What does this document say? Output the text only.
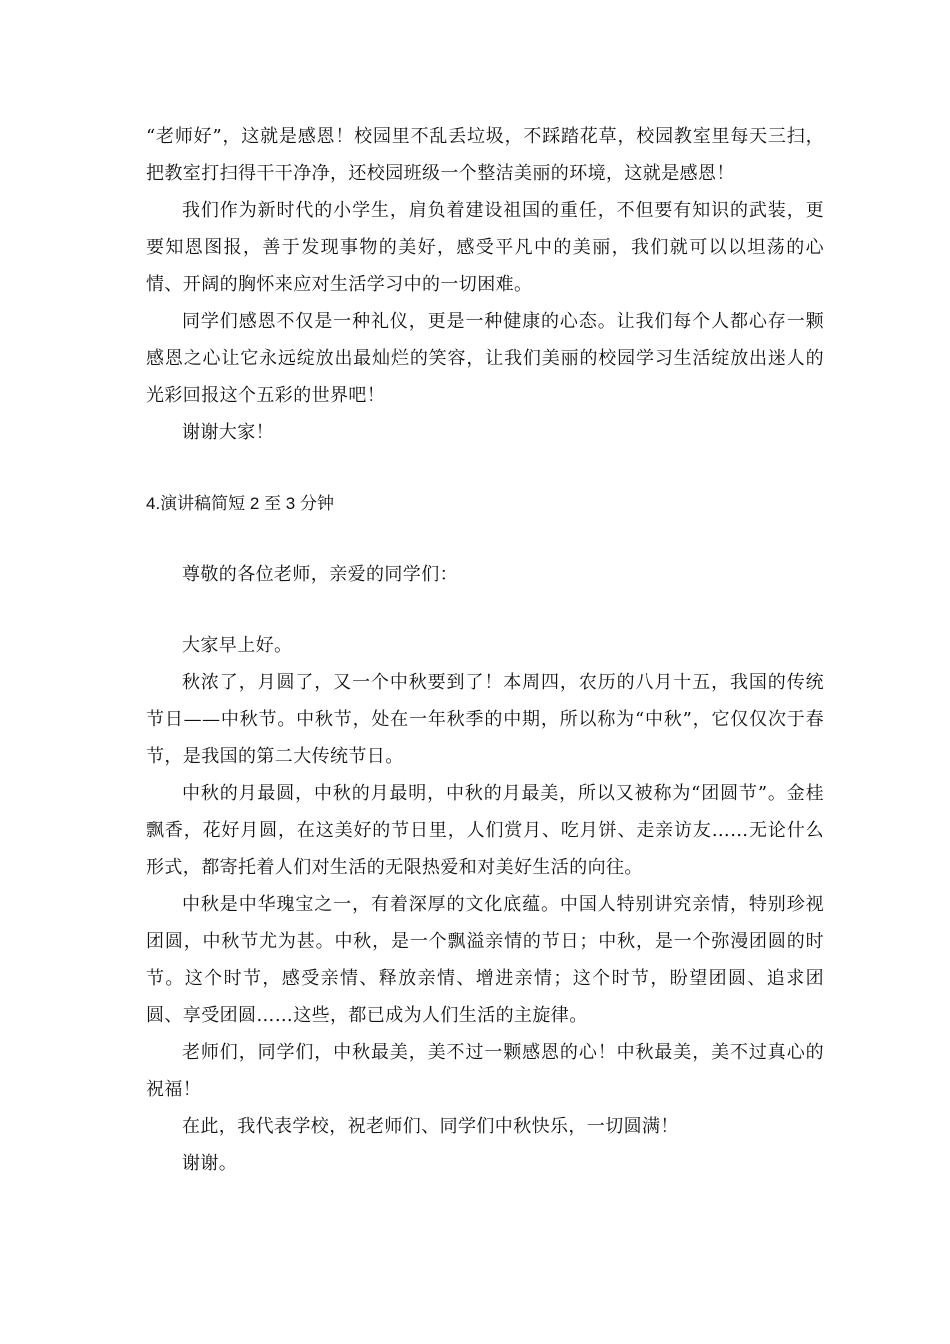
“老师好”，这就是感恩！校园里不乱丢垃圾，不踩踏花草，校园教室里每天三扫，把教室打扫得干干净净，还校园班级一个整洁美丽的环境，这就是感恩！

我们作为新时代的小学生，肩负着建设祖国的重任，不但要有知识的武装，更要知恩图报，善于发现事物的美好，感受平凡中的美丽，我们就可以以坦荡的心情、开阔的胸怀来应对生活学习中的一切困难。

同学们感恩不仅是一种礼仪，更是一种健康的心态。让我们每个人都心存一颗感恩之心让它永远绽放出最灿烂的笑容，让我们美丽的校园学习生活绽放出迷人的光彩回报这个五彩的世界吧！

谢谢大家！

4.演讲稿简短 2 至 3 分钟

尊敬的各位老师，亲爱的同学们：

大家早上好。

秋浓了，月圆了，又一个中秋要到了！本周四，农历的八月十五，我国的传统节日——中秋节。中秋节，处在一年秋季的中期，所以称为“中秋”，它仅仅次于春节，是我国的第二大传统节日。

中秋的月最圆，中秋的月最明，中秋的月最美，所以又被称为“团圆节”。金桂飘香，花好月圆，在这美好的节日里，人们赏月、吃月饼、走亲访友……无论什么形式，都寄托着人们对生活的无限热爱和对美好生活的向往。

中秋是中华瑰宝之一，有着深厚的文化底蕴。中国人特别讲究亲情，特别珍视团圆，中秋节尤为甚。中秋，是一个飘溢亲情的节日；中秋，是一个弥漫团圆的时节。这个时节，感受亲情、释放亲情、增进亲情；这个时节，盼望团圆、追求团圆、享受团圆……这些，都已成为人们生活的主旋律。

老师们，同学们，中秋最美，美不过一颗感恩的心！中秋最美，美不过真心的祝福！

在此，我代表学校，祝老师们、同学们中秋快乐，一切圆满！

谢谢。
